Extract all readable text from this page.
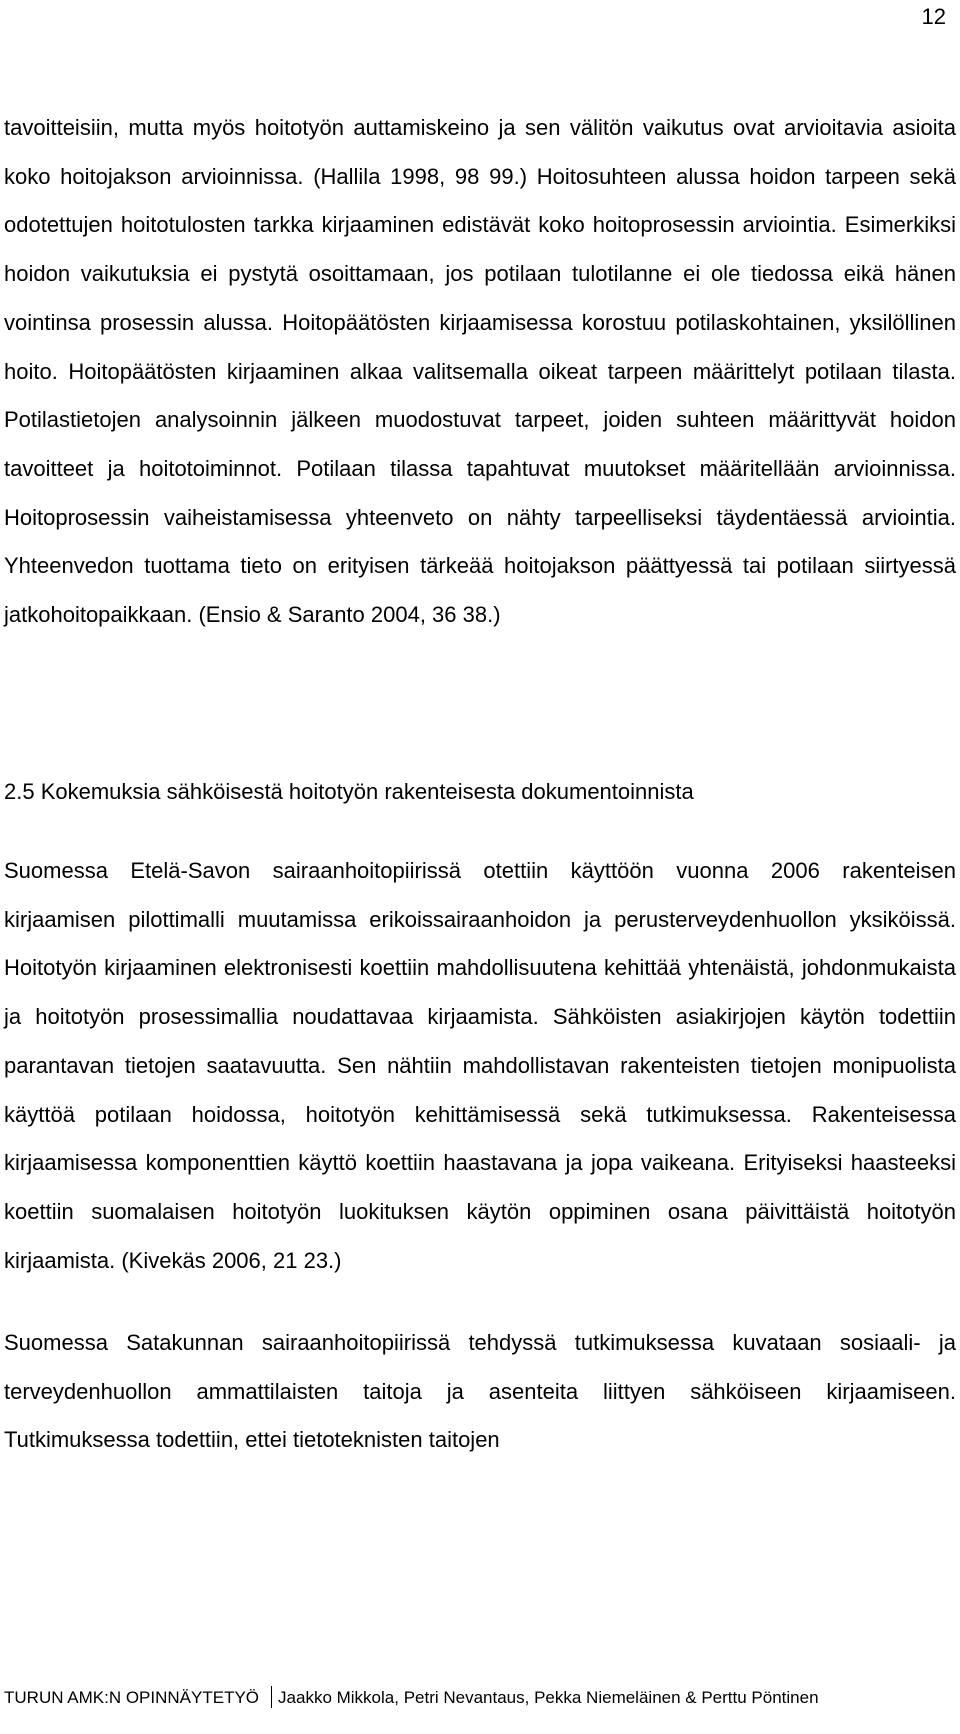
12

tavoitteisiin, mutta myös hoitotyön auttamiskeino ja sen välitön vaikutus ovat arvioitavia asioita koko hoitojakson arvioinnissa. (Hallila 1998, 98 99.) Hoitosuhteen alussa hoidon tarpeen sekä odotettujen hoitotulosten tarkka kirjaaminen edistävät koko hoitoprosessin arviointia. Esimerkiksi hoidon vaikutuksia ei pystytä osoittamaan, jos potilaan tulotilanne ei ole tiedossa eikä hänen vointinsa prosessin alussa. Hoitopäätösten kirjaamisessa korostuu potilaskohtainen, yksilöllinen hoito. Hoitopäätösten kirjaaminen alkaa valitsemalla oikeat tarpeen määrittelyt potilaan tilasta. Potilastietojen analysoinnin jälkeen muodostuvat tarpeet, joiden suhteen määrittyvät hoidon tavoitteet ja hoitotoiminnot. Potilaan tilassa tapahtuvat muutokset määritellään arvioinnissa. Hoitoprosessin vaiheistamisessa yhteenveto on nähty tarpeelliseksi täydentäessä arviointia. Yhteenvedon tuottama tieto on erityisen tärkeää hoitojakson päättyessä tai potilaan siirtyessä jatkohoitopaikkaan. (Ensio & Saranto 2004, 36 38.)

2.5 Kokemuksia sähköisestä hoitotyön rakenteisesta dokumentoinnista

Suomessa Etelä-Savon sairaanhoitopiirissä otettiin käyttöön vuonna 2006 rakenteisen kirjaamisen pilottimalli muutamissa erikoissairaanhoidon ja perusterveydenhuollon yksiköissä. Hoitotyön kirjaaminen elektronisesti koettiin mahdollisuutena kehittää yhtenäistä, johdonmukaista ja hoitotyön prosessimallia noudattavaa kirjaamista. Sähköisten asiakirjojen käytön todettiin parantavan tietojen saatavuutta. Sen nähtiin mahdollistavan rakenteisten tietojen monipuolista käyttöä potilaan hoidossa, hoitotyön kehittämisessä sekä tutkimuksessa. Rakenteisessa kirjaamisessa komponenttien käyttö koettiin haastavana ja jopa vaikeana. Erityiseksi haasteeksi koettiin suomalaisen hoitotyön luokituksen käytön oppiminen osana päivittäistä hoitotyön kirjaamista. (Kivekäs 2006, 21 23.)

Suomessa Satakunnan sairaanhoitopiirissä tehdyssä tutkimuksessa kuvataan sosiaali- ja terveydenhuollon ammattilaisten taitoja ja asenteita liittyen sähköiseen kirjaamiseen. Tutkimuksessa todettiin, ettei tietoteknisten taitojen

TURUN AMK:N OPINNÄYTETYÖ Jaakko Mikkola, Petri Nevantaus, Pekka Niemeläinen & Perttu Pöntinen
